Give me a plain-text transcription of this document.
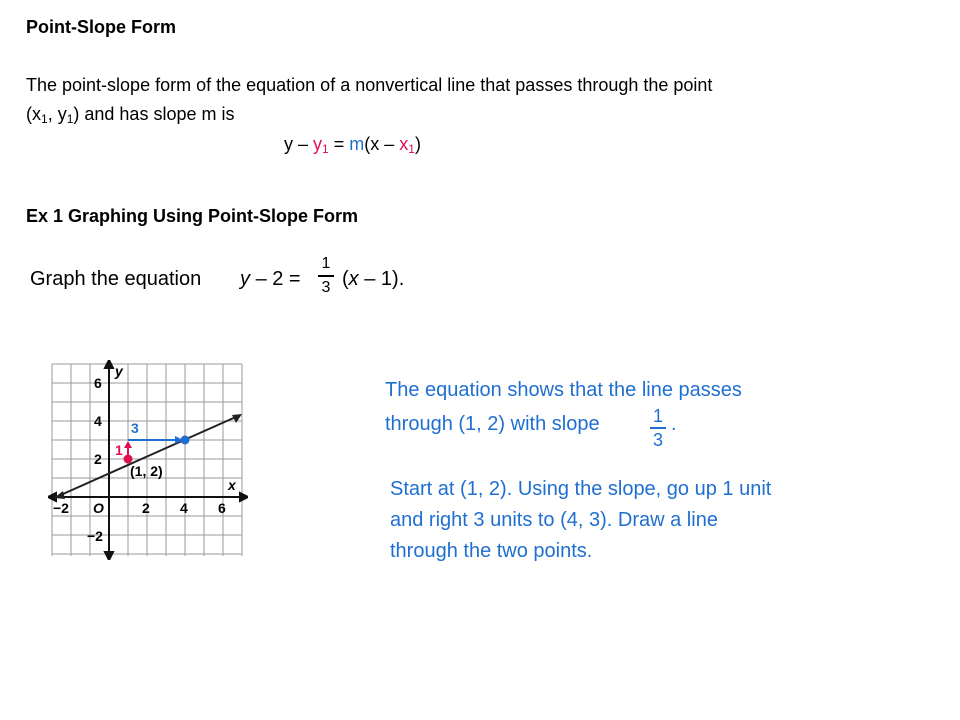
Point-Slope Form
The point-slope form of the equation of a nonvertical line that passes through the point
($x_1$, $y_1$) and has slope m is
$y - y_1 = m(x - x_1)$
Ex 1 Graphing Using Point-Slope Form
Graph the equation y – 2 =
1
3 (x – 1).
The equation shows that the line passes
through (1, 2) with slope	1
3
.
Start at (1, 2). Using the slope, go up 1 unit
and right 3 units to (4, 3). Draw a line
through the two points.
y
x
O
−2	2 4 6
6
4
2
−2
1
3
(1, 2)
